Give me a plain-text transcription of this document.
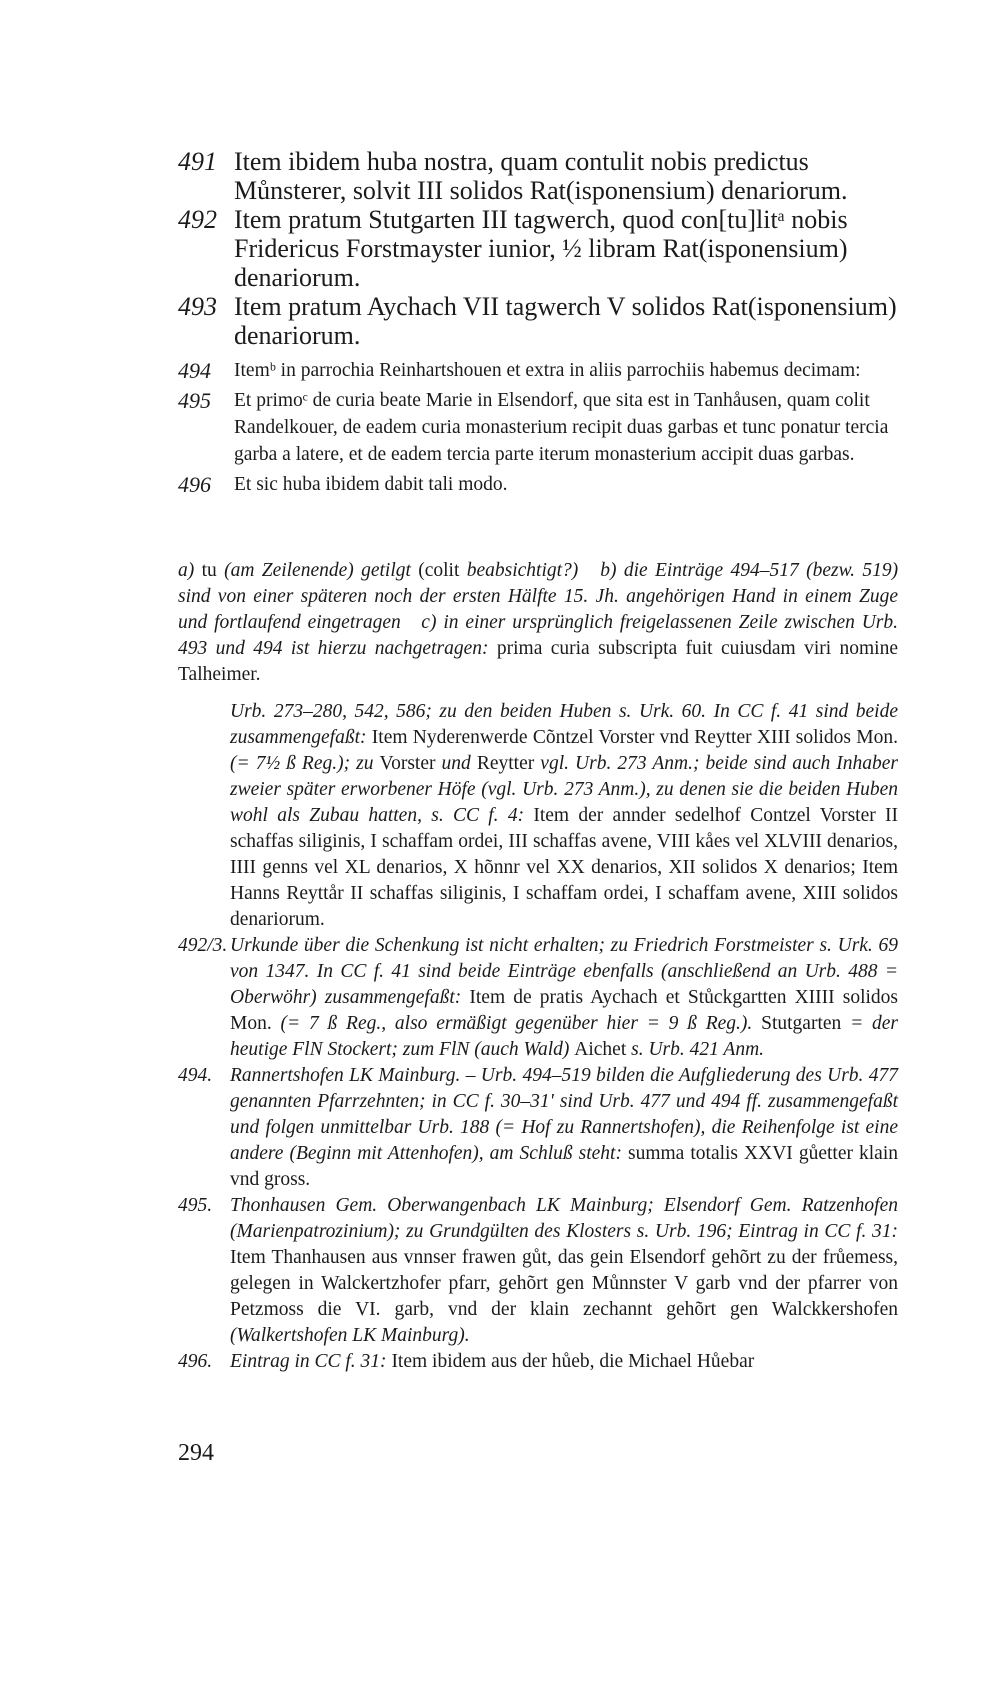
491 Item ibidem huba nostra, quam contulit nobis predictus Můnsterer, solvit III solidos Rat(isponensium) denariorum.
492 Item pratum Stutgarten III tagwerch, quod con[tu]litᵃ nobis Fridericus Forstmayster iunior, ½ libram Rat(isponensium) denariorum.
493 Item pratum Aychach VII tagwerch V solidos Rat(isponensium) denariorum.
494 Itemᵇ in parrochia Reinhartshouen et extra in aliis parrochiis habemus decimam:
495 Et primoᶜ de curia beate Marie in Elsendorf, que sita est in Tanhåusen, quam colit Randelkouer, de eadem curia monasterium recipit duas garbas et tunc ponatur tercia garba a latere, et de eadem tercia parte iterum monasterium accipit duas garbas.
496 Et sic huba ibidem dabit tali modo.
a) tu (am Zeilenende) getilgt (colit beabsichtigt?) b) die Einträge 494–517 (bezw. 519) sind von einer späteren noch der ersten Hälfte 15. Jh. angehörigen Hand in einem Zuge und fortlaufend eingetragen c) in einer ursprünglich freigelassenen Zeile zwischen Urb. 493 und 494 ist hierzu nachgetragen: prima curia subscripta fuit cuiusdam viri nomine Talheimer.
Urb. 273–280, 542, 586; zu den beiden Huben s. Urk. 60. In CC f. 41 sind beide zusammengefaßt: Item Nyderenwerde Cõntzel Vorster vnd Reytter XIII solidos Mon. (= 7½ ß Reg.); zu Vorster und Reytter vgl. Urb. 273 Anm.; beide sind auch Inhaber zweier später erworbener Höfe (vgl. Urb. 273 Anm.), zu denen sie die beiden Huben wohl als Zubau hatten, s. CC f. 4: Item der annder sedelhof Contzel Vorster II schaffas siliginis, I schaffam ordei, III schaffas avene, VIII kåes vel XLVIII denarios, IIII genns vel XL denarios, X hõnnr vel XX denarios, XII solidos X denarios; Item Hanns Reyttår II schaffas siliginis, I schaffam ordei, I schaffam avene, XIII solidos denariorum.
492/3. Urkunde über die Schenkung ist nicht erhalten; zu Friedrich Forstmeister s. Urk. 69 von 1347. In CC f. 41 sind beide Einträge ebenfalls (anschließend an Urb. 488 = Oberwöhr) zusammengefaßt: Item de pratis Aychach et Stůckgartten XIIII solidos Mon. (= 7 ß Reg., also ermäßigt gegenüber hier = 9 ß Reg.). Stutgarten = der heutige FlN Stockert; zum FlN (auch Wald) Aichet s. Urb. 421 Anm.
494. Rannertshofen LK Mainburg. – Urb. 494–519 bilden die Aufgliederung des Urb. 477 genannten Pfarrzehnten; in CC f. 30–31' sind Urb. 477 und 494 ff. zusammengefaßt und folgen unmittelbar Urb. 188 (= Hof zu Rannertshofen), die Reihenfolge ist eine andere (Beginn mit Attenhofen), am Schluß steht: summa totalis XXVI gůetter klain vnd gross.
495. Thonhausen Gem. Oberwangenbach LK Mainburg; Elsendorf Gem. Ratzenhofen (Marienpatrozinium); zu Grundgülten des Klosters s. Urb. 196; Eintrag in CC f. 31: Item Thanhausen aus vnnser frawen gůt, das gein Elsendorf gehõrt zu der frůemess, gelegen in Walckertzhofer pfarr, gehõrt gen Můnnster V garb vnd der pfarrer von Petzmoss die VI. garb, vnd der klain zechannt gehõrt gen Walckkershofen (Walkertshofen LK Mainburg).
496. Eintrag in CC f. 31: Item ibidem aus der hůeb, die Michael Hůebar
294
